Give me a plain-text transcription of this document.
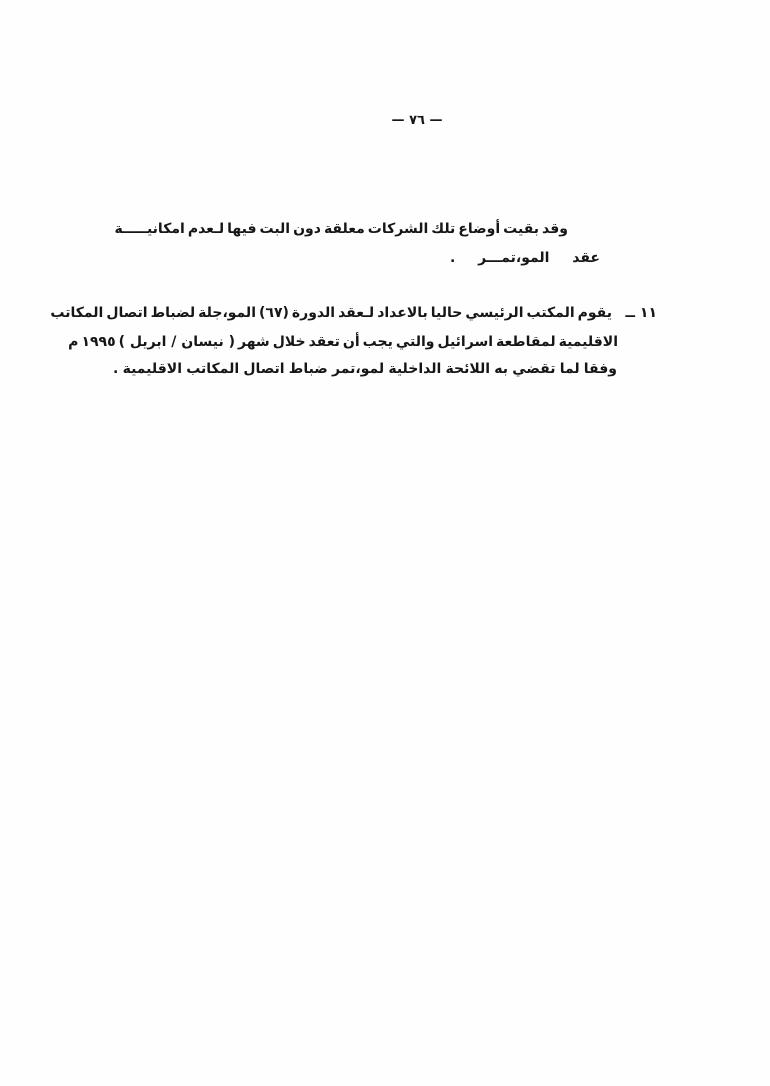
— ٧٦ —
وقد
بقيت
أوضاع
تلك
الشركات
معلقة
دون
البت
فيها
لـعدم
امكانيـــــة
عقد
المو،تمـــر
.
١١ ــ
يقوم
المكتب
الرئيسي
حاليا
بالاعداد
لـعقد
الدورة
(٦٧)
المو،جلة
لضباط
اتصال
المكاتب
الاقليمية
لمقاطعة
اسرائيل
والتي
يجب
أن
تعقد
خلال
شهر
( نيسان / ابريل )
١٩٩٥
م
وفقا
لما
تقضي
به
اللائحة
الداخلية
لمو،تمر
ضباط
اتصال
المكاتب
الاقليمية
.
